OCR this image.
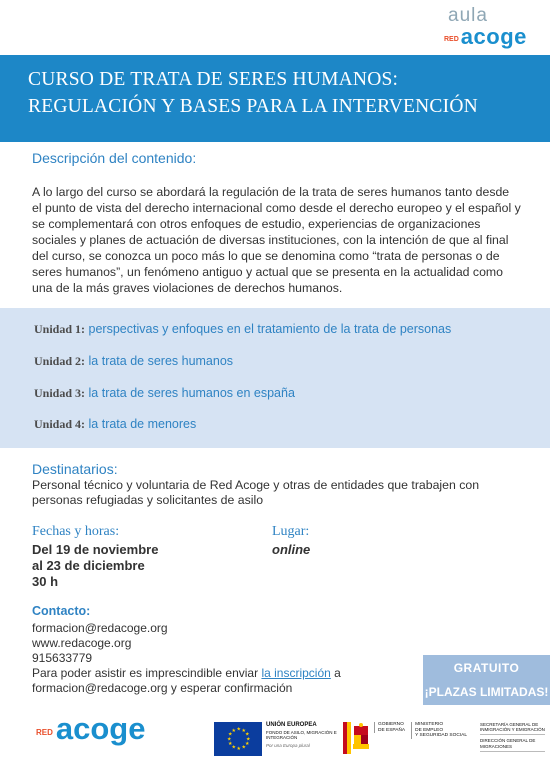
aula
RED acoge
CURSO DE TRATA DE SERES HUMANOS:
REGULACIÓN Y BASES PARA LA INTERVENCIÓN
Descripción del contenido:
A lo largo del curso se abordará la regulación de la trata de seres humanos tanto desde el punto de vista del derecho internacional como desde el derecho europeo y el español y se complementará con otros enfoques de estudio, experiencias de organizaciones sociales y planes de actuación de diversas instituciones, con la intención de que al final del curso, se conozca un poco más lo que se denomina como “trata de personas o de seres humanos”, un fenómeno antiguo y actual que se presenta en la actualidad como una de la más graves violaciones de derechos humanos.
Unidad 1: perspectivas y enfoques en el tratamiento de la trata de personas
Unidad 2: la trata de seres humanos
Unidad 3: la trata de seres humanos en españa
Unidad 4: la trata de menores
Destinatarios:
Personal técnico y voluntaria de Red Acoge y otras de entidades que trabajen con personas refugiadas y solicitantes de asilo
Fechas y horas:
Del 19 de noviembre
al 23 de diciembre
30 h
Lugar:
online
Contacto:
formacion@redacoge.org
www.redacoge.org
915633779
Para poder asistir es imprescindible enviar la inscripción a
formacion@redacoge.org y esperar confirmación
GRATUITO
¡PLAZAS LIMITADAS!
RED acoge	★ ★
★
★
★
★
★
★
★
★
★
★
UNIÓN EUROPEA
FONDO DE ASILO, MIGRACIÓN E INTEGRACIÓN
Por una Europa plural
GOBIERNO
DE ESPAÑA
MINISTERIO
DE EMPLEO
Y SEGURIDAD SOCIAL
SECRETARÍA GENERAL DE INMIGRACIÓN Y EMIGRACIÓN
DIRECCIÓN GENERAL DE MIGRACIONES
